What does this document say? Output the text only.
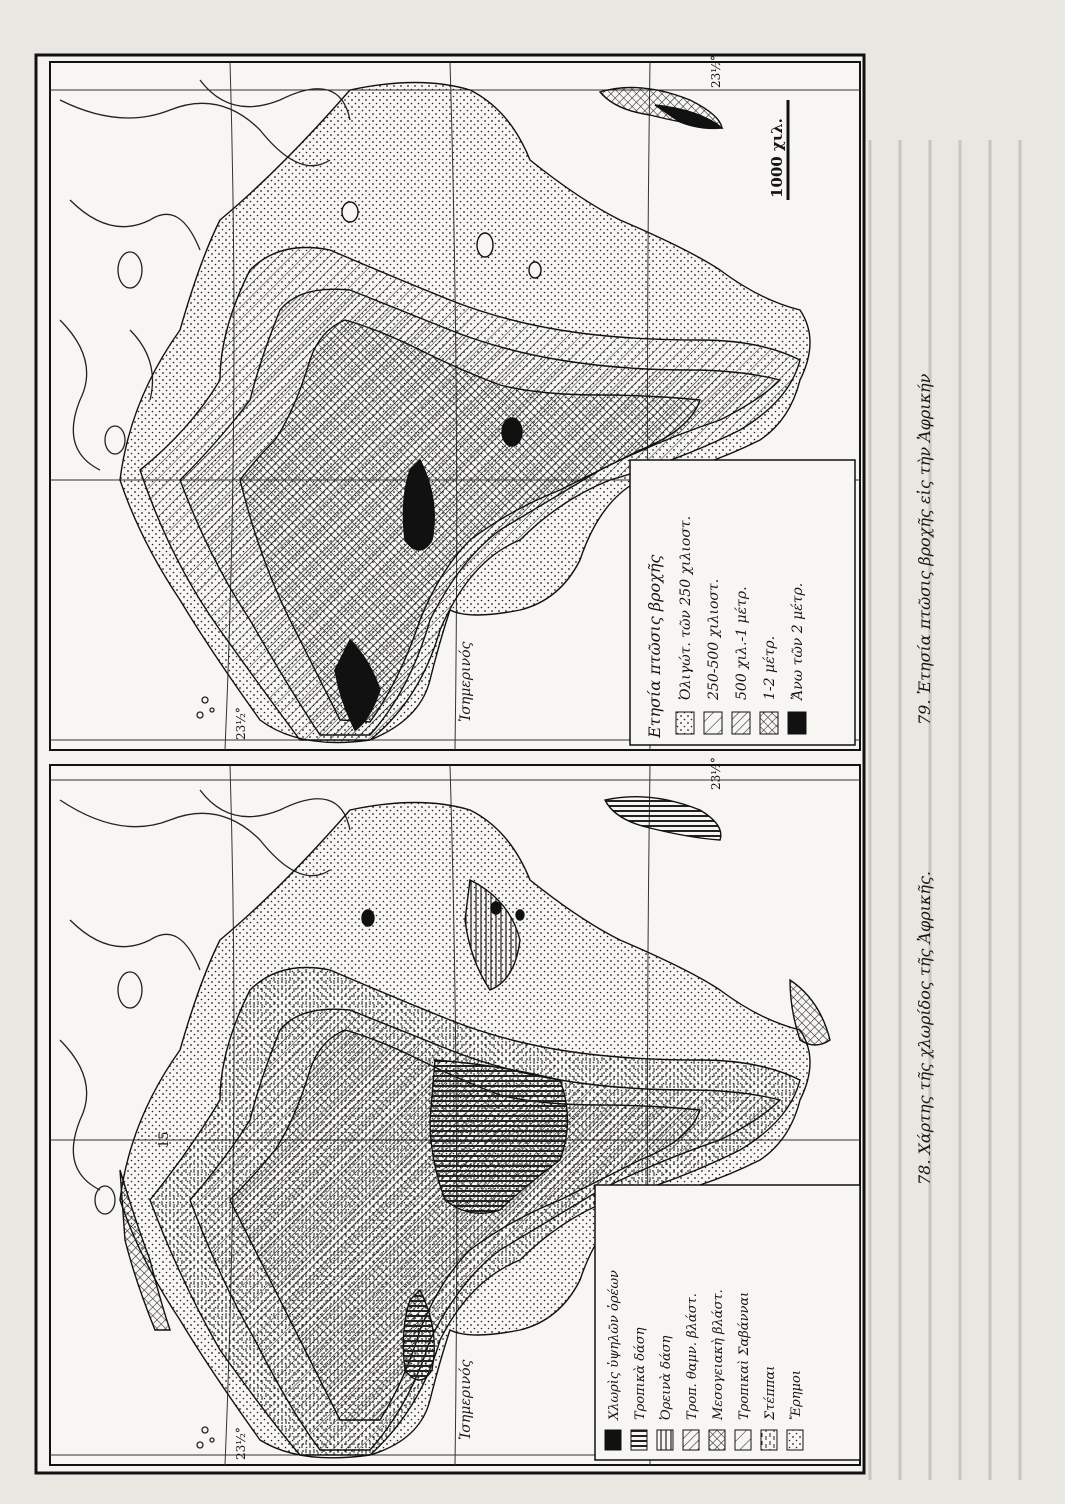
Ἰσημερινός
23½°
23½°
1000 χιλ.
Ετησία πτῶσις βροχῆς Ὀλιγώτ. τῶν 250 χιλιοστ. 250-500 χιλιοστ. 500 χιλ.-1 μέτρ. 1-2 μέτρ. Ἄνω τῶν 2 μέτρ.
Ἰσημερινός
23½°
23½°
15
Χλωρὶς ὑψηλῶν ὀρέων Τροπικὰ δάση Ὀρεινὰ δάση Τροπ. θαμν. βλάστ. Μεσογειακὴ βλάστ. Τροπικαὶ Σαβάνναι Στέππαι Ἔρημοι
79. Ἐτησία πτῶσις βροχῆς εἰς τὴν Ἀφρικήν
78. Χάρτης τῆς χλωρίδος τῆς Ἀφρικῆς.
